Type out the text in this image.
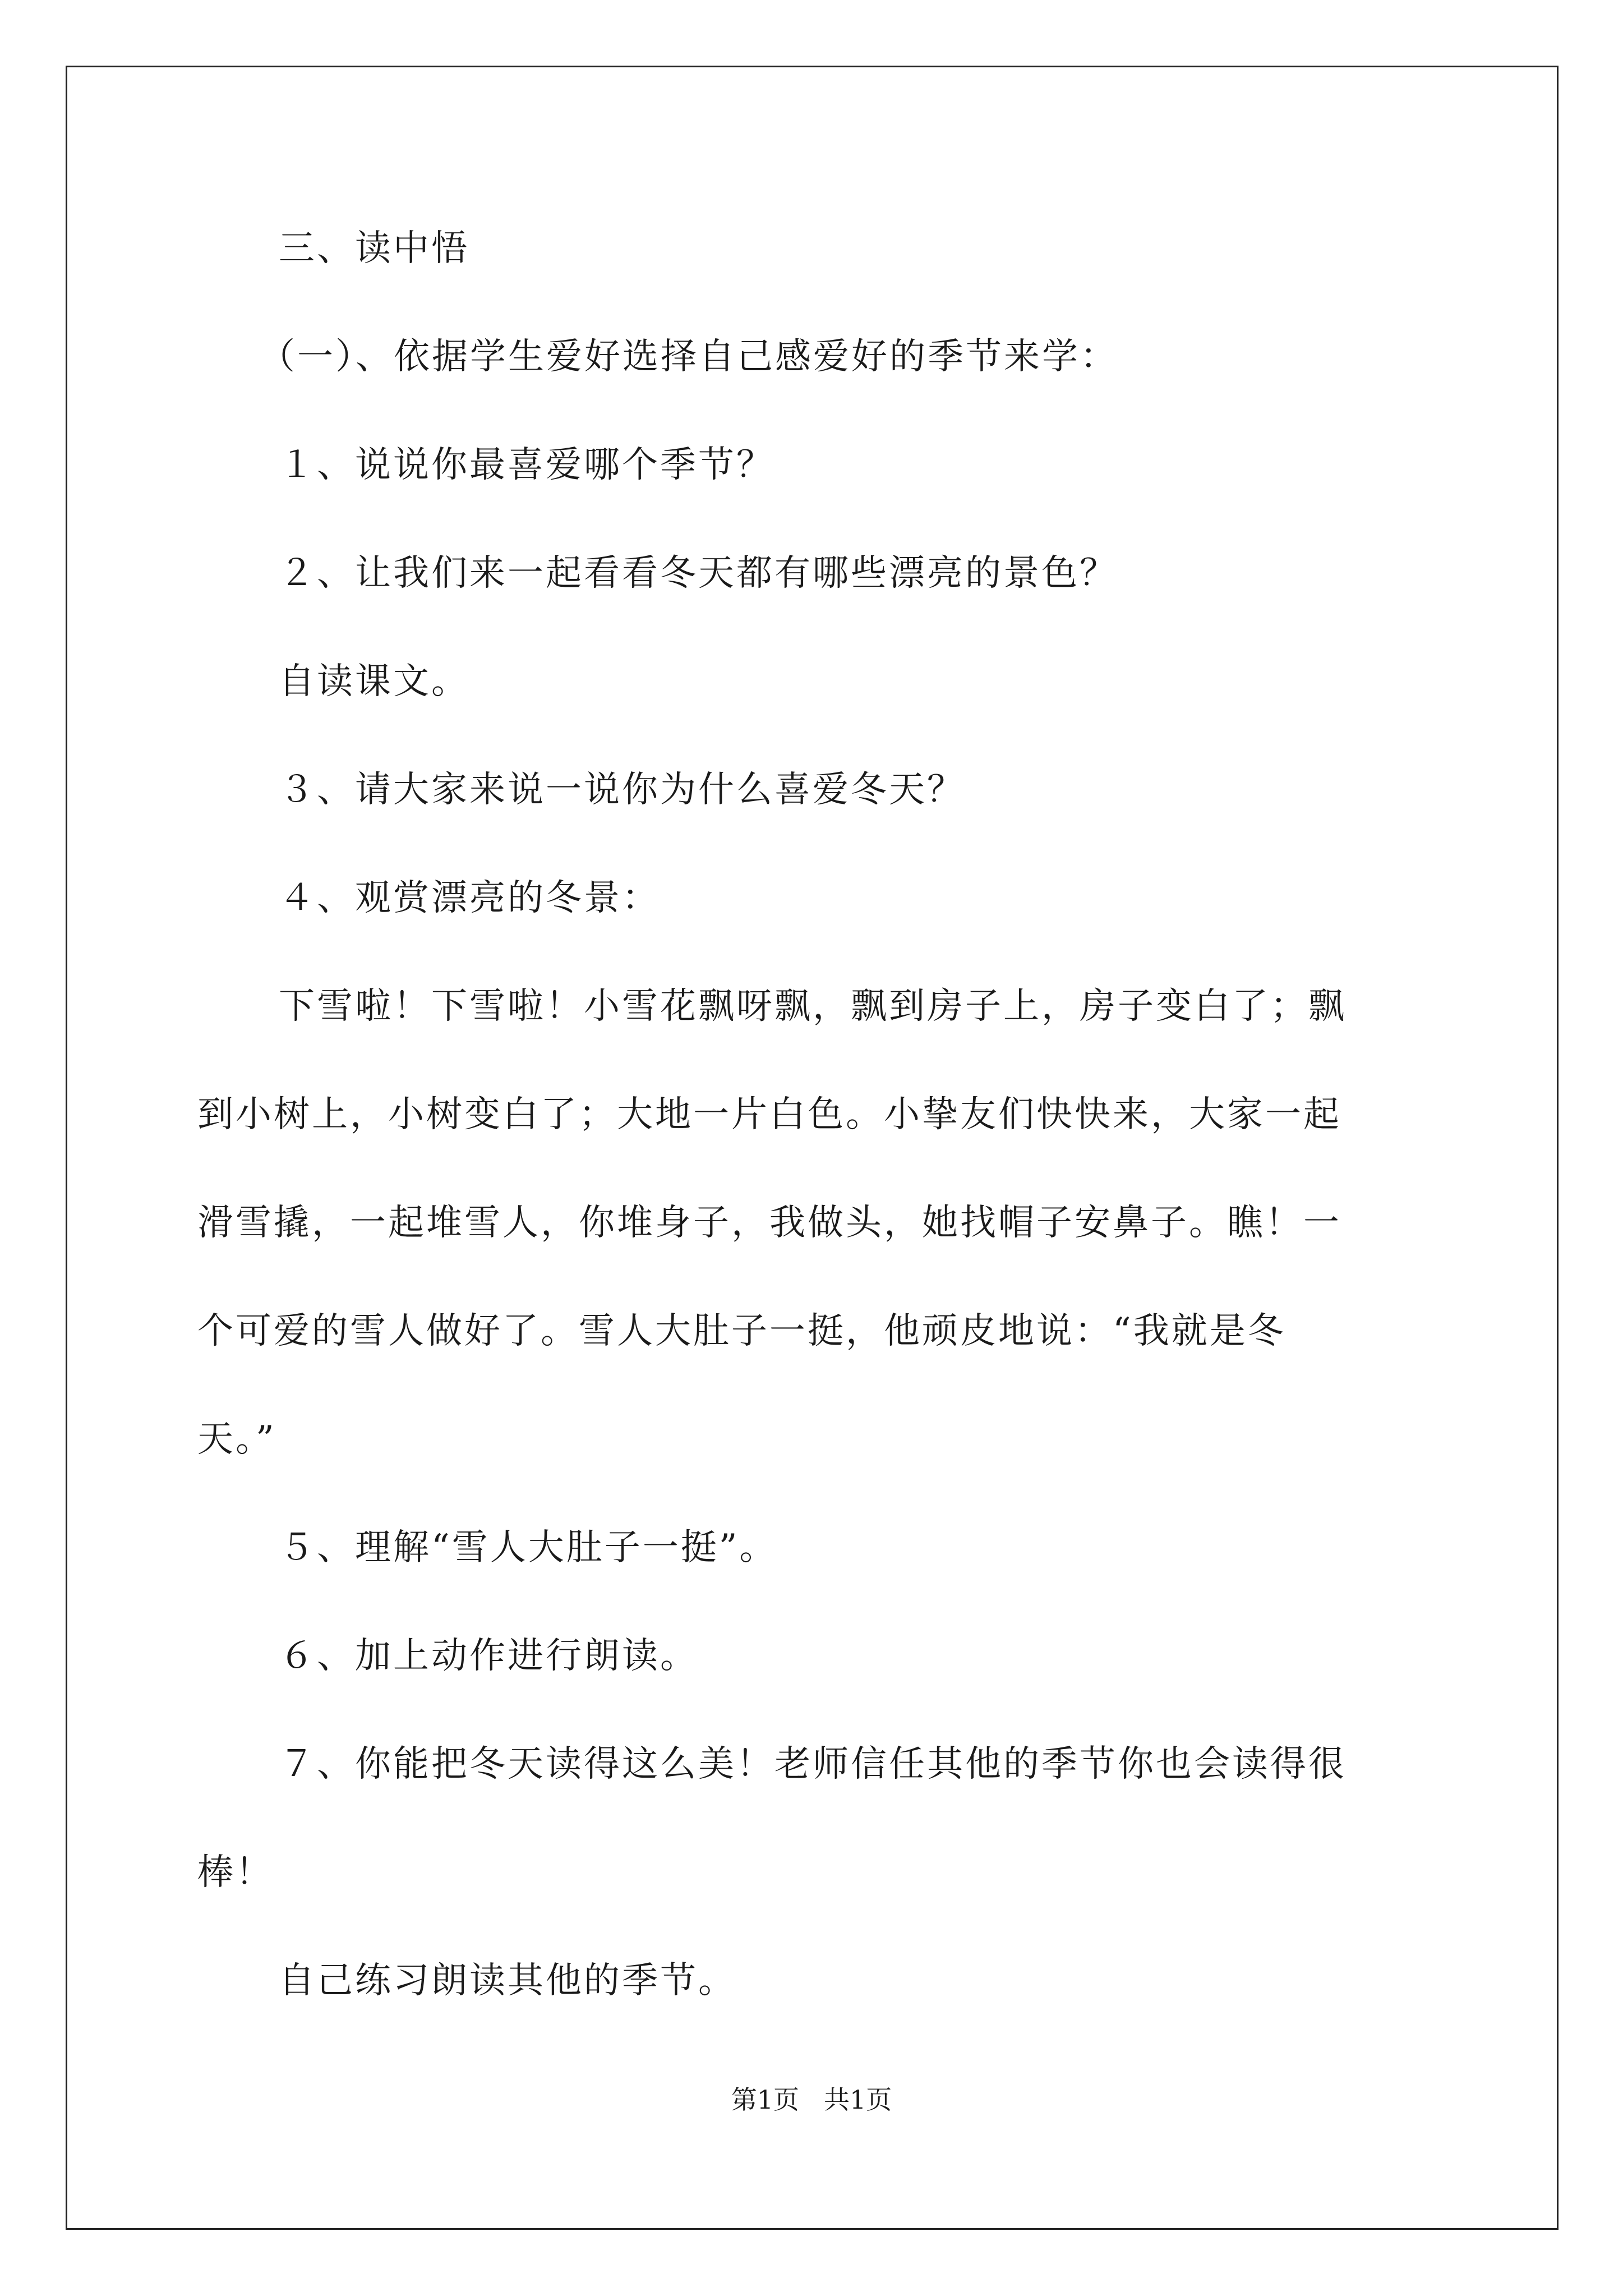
三、读中悟
（一）、依据学生爱好选择自己感爱好的季节来学：
１、说说你最喜爱哪个季节？
２、让我们来一起看看冬天都有哪些漂亮的景色？
自读课文。
３、请大家来说一说你为什么喜爱冬天？
４、观赏漂亮的冬景：
下雪啦！下雪啦！小雪花飘呀飘，飘到房子上，房子变白了；飘
到小树上，小树变白了；大地一片白色。小挚友们快快来，大家一起
滑雪撬，一起堆雪人，你堆身子，我做头，她找帽子安鼻子。瞧！一
个可爱的雪人做好了。雪人大肚子一挺，他顽皮地说：“我就是冬
天。”
５、理解“雪人大肚子一挺”。
６、加上动作进行朗读。
７、你能把冬天读得这么美！老师信任其他的季节你也会读得很
棒！
自己练习朗读其他的季节。
第1页 共1页
